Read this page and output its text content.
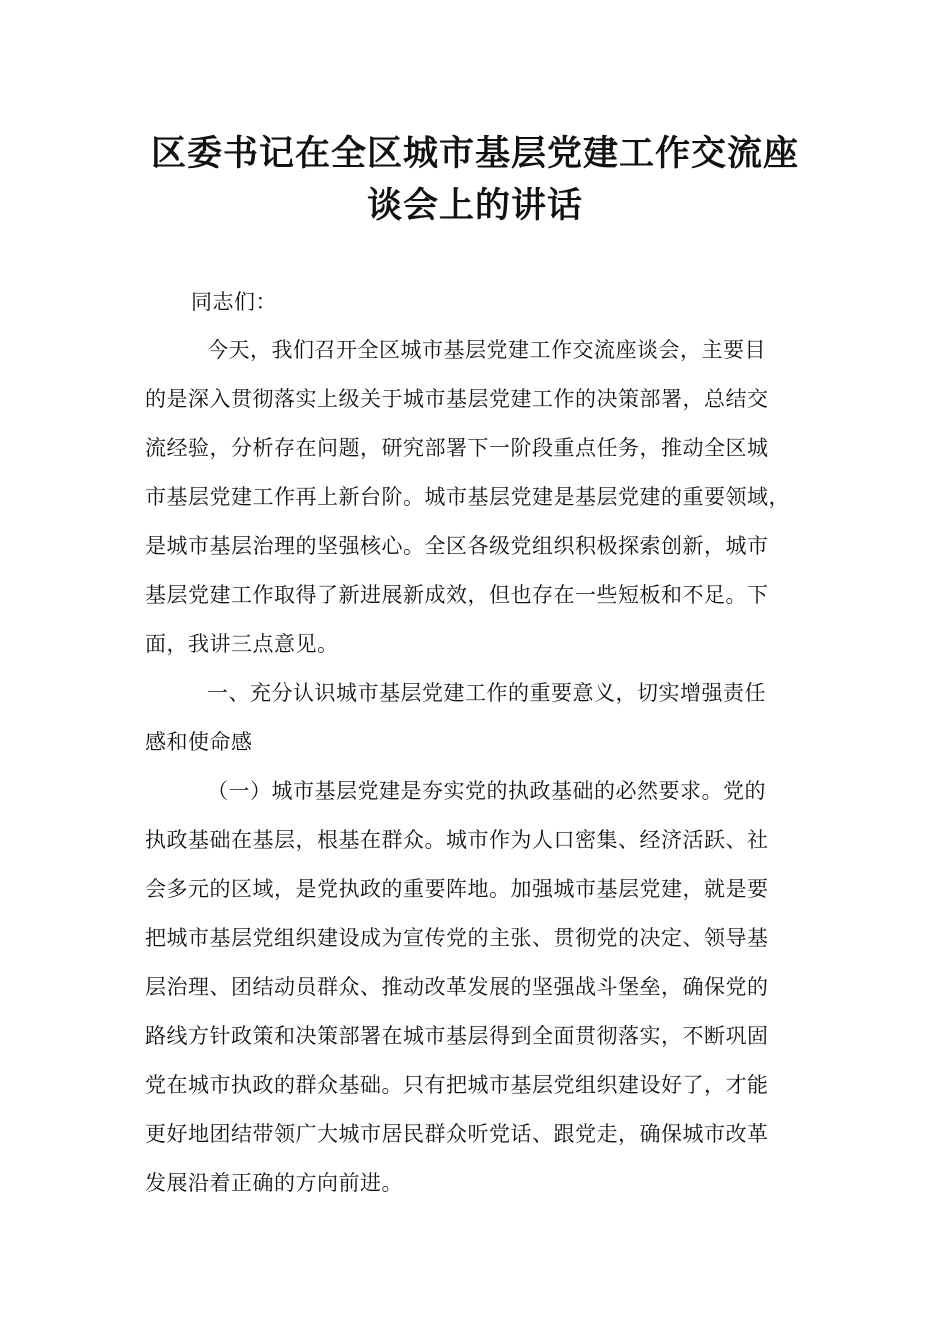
区委书记在全区城市基层党建工作交流座
谈会上的讲话
同志们：
今天，我们召开全区城市基层党建工作交流座谈会，主要目
的是深入贯彻落实上级关于城市基层党建工作的决策部署，总结交
流经验，分析存在问题，研究部署下一阶段重点任务，推动全区城
市基层党建工作再上新台阶。城市基层党建是基层党建的重要领域，
是城市基层治理的坚强核心。全区各级党组织积极探索创新，城市
基层党建工作取得了新进展新成效，但也存在一些短板和不足。下
面，我讲三点意见。
一、充分认识城市基层党建工作的重要意义，切实增强责任
感和使命感
（一）城市基层党建是夯实党的执政基础的必然要求。党的
执政基础在基层，根基在群众。城市作为人口密集、经济活跃、社
会多元的区域，是党执政的重要阵地。加强城市基层党建，就是要
把城市基层党组织建设成为宣传党的主张、贯彻党的决定、领导基
层治理、团结动员群众、推动改革发展的坚强战斗堡垒，确保党的
路线方针政策和决策部署在城市基层得到全面贯彻落实，不断巩固
党在城市执政的群众基础。只有把城市基层党组织建设好了，才能
更好地团结带领广大城市居民群众听党话、跟党走，确保城市改革
发展沿着正确的方向前进。
